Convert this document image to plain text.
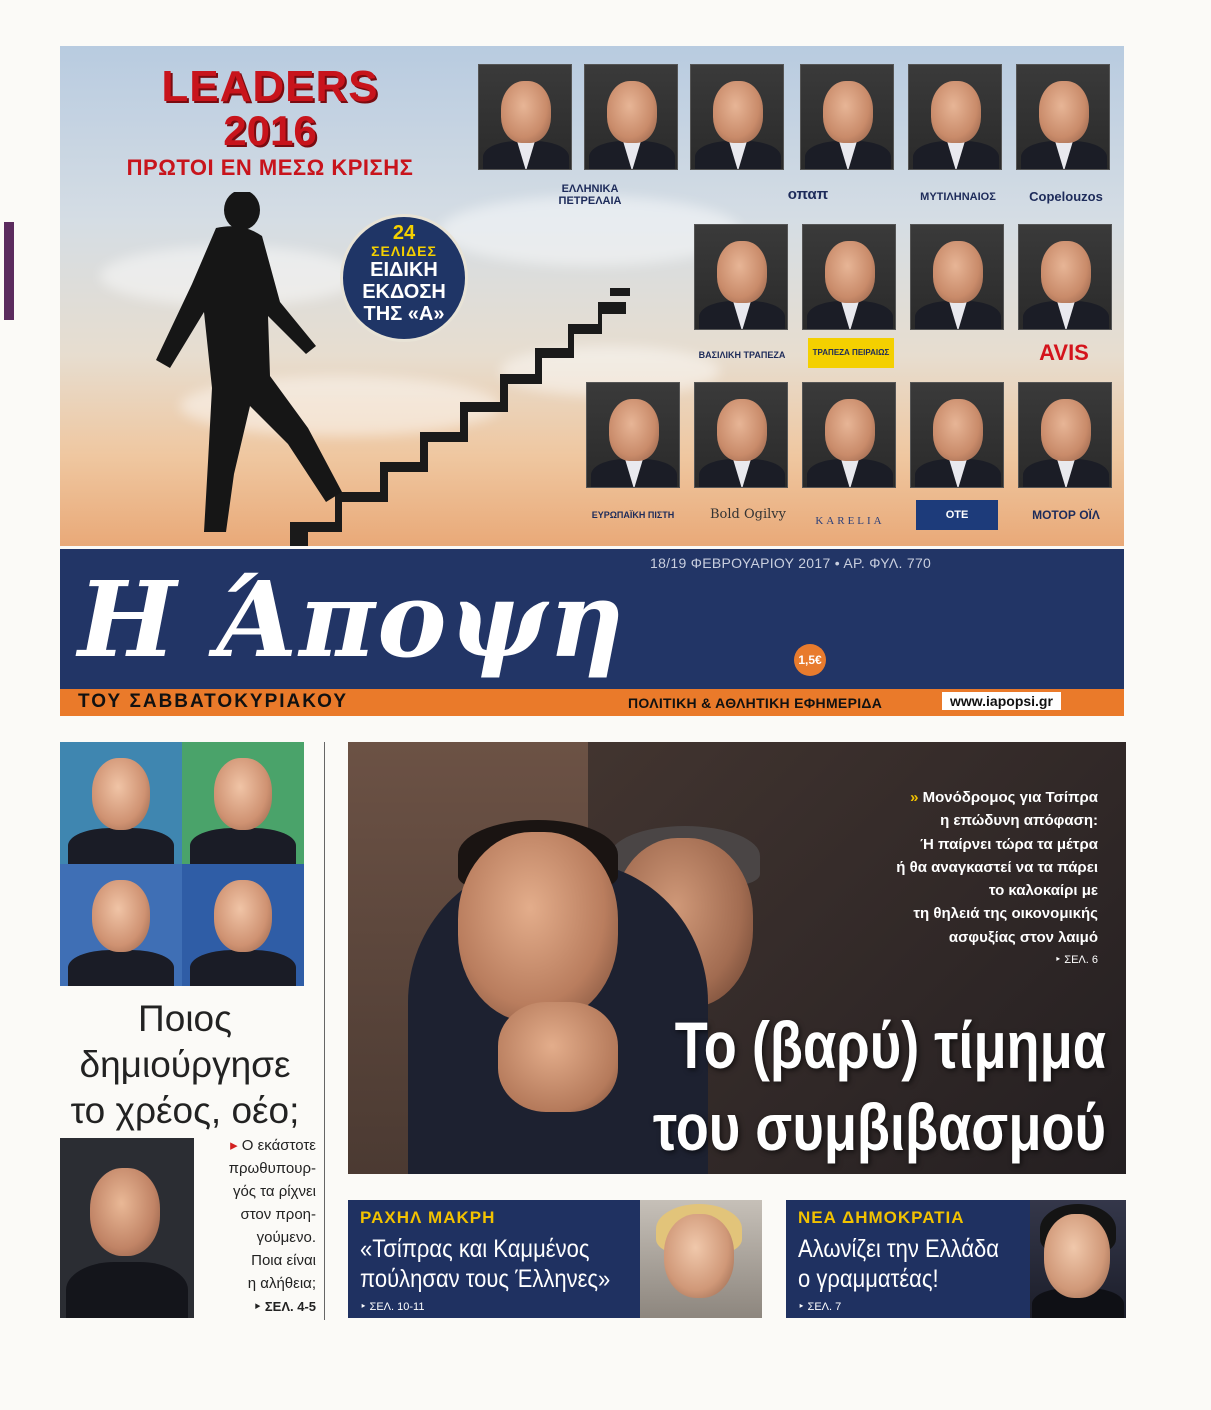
LEADERS
2016
ΠΡΩΤΟΙ ΕΝ ΜΕΣΩ ΚΡΙΣΗΣ
24
ΣΕΛΙΔΕΣ
ΕΙΔΙΚΗ
ΕΚΔΟΣΗ
ΤΗΣ «Α»
ΕΛΛΗΝΙΚΑ ΠΕΤΡΕΛΑΙΑ	οπαπ	ΜΥΤΙΛΗΝΑΙΟΣ	Copelouzos
ΒΑΣΙΛΙΚΗ ΤΡΑΠΕΖΑ	ΤΡΑΠΕΖΑ ΠΕΙΡΑΙΩΣ	AVIS
ΕΥΡΩΠΑΪΚΗ ΠΙΣΤΗ	Bold Ogilvy	KARELIA	OTE	ΜΟΤΟΡ ΟΪΛ
18/19 ΦΕΒΡΟΥΑΡΙΟΥ 2017 • ΑΡ. ΦΥΛ. 770
Η Άποψη	1,5€
ΤΟΥ ΣΑΒΒΑΤΟΚΥΡΙΑΚΟΥ	ΠΟΛΙΤΙΚΗ & ΑΘΛΗΤΙΚΗ ΕΦΗΜΕΡΙΔΑ	www.iapopsi.gr
Ποιος
δημιούργησε
το χρέος, οέο;
▸ Ο εκάστοτε
πρωθυπουρ-
γός τα ρίχνει
στον προη-
γούμενο.
Ποια είναι
η αλήθεια;
‣ ΣΕΛ. 4-5
» Μονόδρομος για Τσίπρα
η επώδυνη απόφαση:
Ή παίρνει τώρα τα μέτρα
ή θα αναγκαστεί να τα πάρει
το καλοκαίρι με
τη θηλειά της οικονομικής
ασφυξίας στον λαιμό
‣ ΣΕΛ. 6
Το (βαρύ) τίμημα
του συμβιβασμού
ΡΑΧΗΛ ΜΑΚΡΗ
«Τσίπρας και Καμμένος
πούλησαν τους Έλληνες»
‣ ΣΕΛ. 10-11
ΝΕΑ ΔΗΜΟΚΡΑΤΙΑ
Αλωνίζει την Ελλάδα
ο γραμματέας!
‣ ΣΕΛ. 7
